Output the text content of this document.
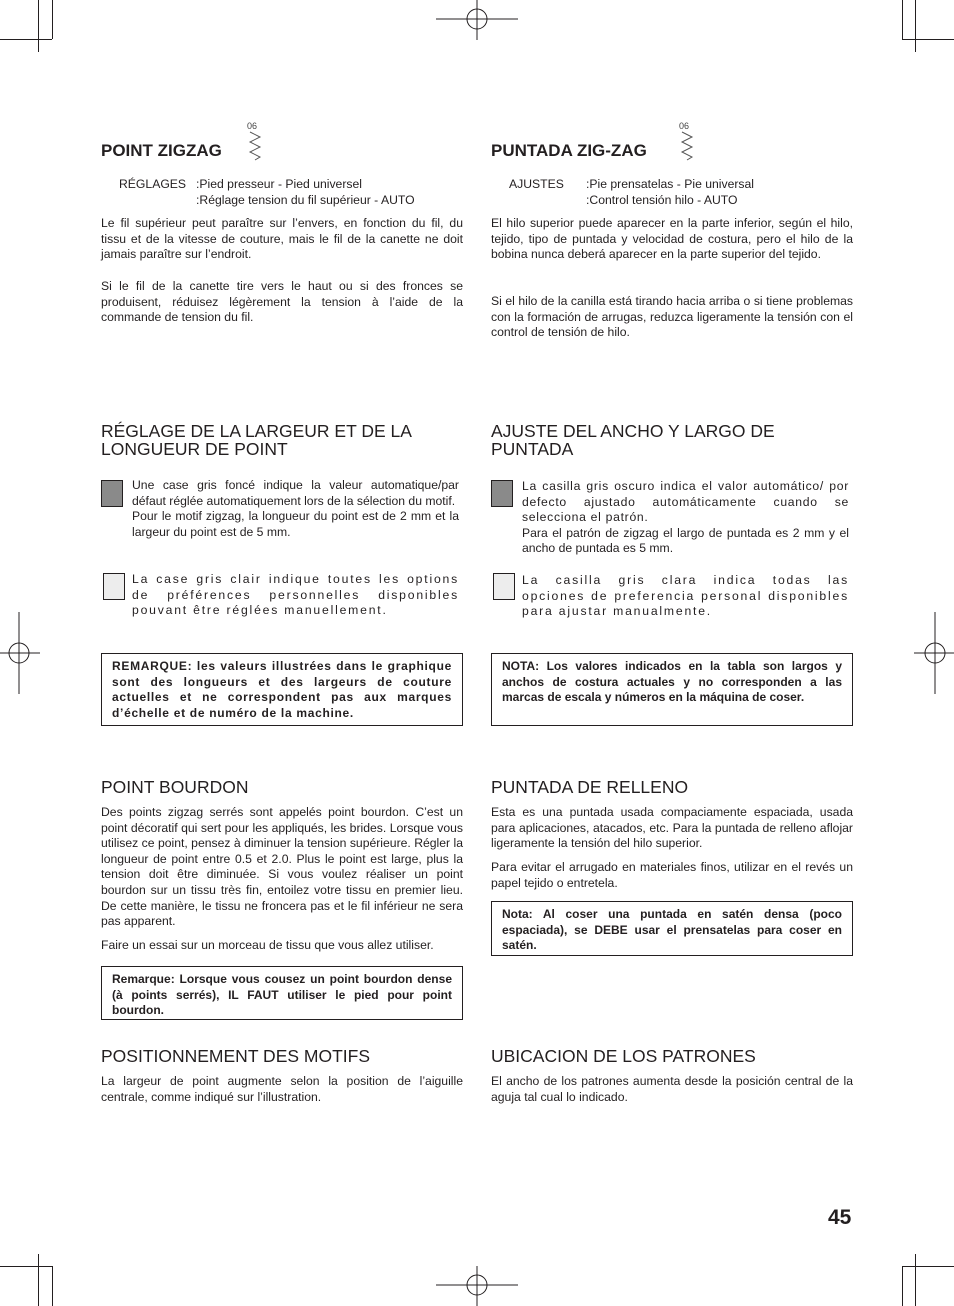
POINT ZIGZAG
06
RÉGLAGES :Pied presseur - Pied universel
:Réglage tension du fil supérieur - AUTO
Le fil supérieur peut paraître sur l’envers, en fonction du fil, du tissu et de la vitesse de couture, mais le fil de la canette ne doit jamais paraître sur l’endroit.
Si le fil de la canette tire vers le haut ou si des fronces se produisent, réduisez légèrement la tension à l’aide de la commande de tension du fil.
RÉGLAGE DE LA LARGEUR ET DE LA LONGUEUR DE POINT

Une case gris foncé indique la valeur automatique/par défaut réglée automatiquement lors de la sélection du motif.

Pour le motif zigzag, la longueur du point est de 2 mm et la largeur du point est de 5 mm.

La case gris clair indique toutes les options de préférences personnelles disponibles pouvant être réglées manuellement.
REMARQUE: les valeurs illustrées dans le graphique sont des longueurs et des largeurs de couture actuelles et ne correspondent pas aux marques d’échelle et de numéro de la machine.
POINT BOURDON
Des points zigzag serrés sont appelés point bourdon. C’est un point décoratif qui sert pour les appliqués, les brides. Lorsque vous utilisez ce point, pensez à diminuer la tension supérieure. Régler la longueur de point entre 0.5 et 2.0. Plus le point est large, plus la tension doit être diminuée. Si vous voulez réaliser un point bourdon sur un tissu très fin, entoilez votre tissu en premier lieu. De cette manière, le tissu ne froncera pas et le fil inférieur ne sera pas apparent.
Faire un essai sur un morceau de tissu que vous allez utiliser.
Remarque: Lorsque vous cousez un point bourdon dense (à points serrés), IL FAUT utiliser le pied pour point bourdon.
POSITIONNEMENT DES MOTIFS
La largeur de point augmente selon la position de l’aiguille centrale, comme indiqué sur l’illustration.
PUNTADA ZIG-ZAG
06
AJUSTES :Pie prensatelas - Pie universal
:Control tensión hilo - AUTO
El hilo superior puede aparecer en la parte inferior, según el hilo, tejido, tipo de puntada y velocidad de costura, pero el hilo de la bobina nunca deberá aparecer en la parte superior del tejido.
Si el hilo de la canilla está tirando hacia arriba o si tiene problemas con la formación de arrugas, reduzca ligeramente la tensión con el control de tensión de hilo.
AJUSTE DEL ANCHO Y LARGO DE PUNTADA

La casilla gris oscuro indica el valor automático/ por defecto ajustado automáticamente cuando se selecciona el patrón.

Para el patrón de zigzag el largo de puntada es 2 mm y el ancho de puntada es 5 mm.

La casilla gris clara indica todas las opciones de preferencia personal disponibles para ajustar manualmente.
NOTA: Los valores indicados en la tabla son largos y anchos de costura actuales y no corresponden a las marcas de escala y números en la máquina de coser.
PUNTADA DE RELLENO
Esta es una puntada usada compaciamente espaciada, usada para aplicaciones, atacados, etc. Para la puntada de relleno aflojar ligeramente la tensión del hilo superior.
Para evitar el arrugado en materiales finos, utilizar en el revés un papel tejido o entretela.
Nota: Al coser una puntada en satén densa (poco espaciada), se DEBE usar el prensatelas para coser en satén.
UBICACION DE LOS PATRONES
El ancho de los patrones aumenta desde la posición central de la aguja tal cual lo indicado.
45
